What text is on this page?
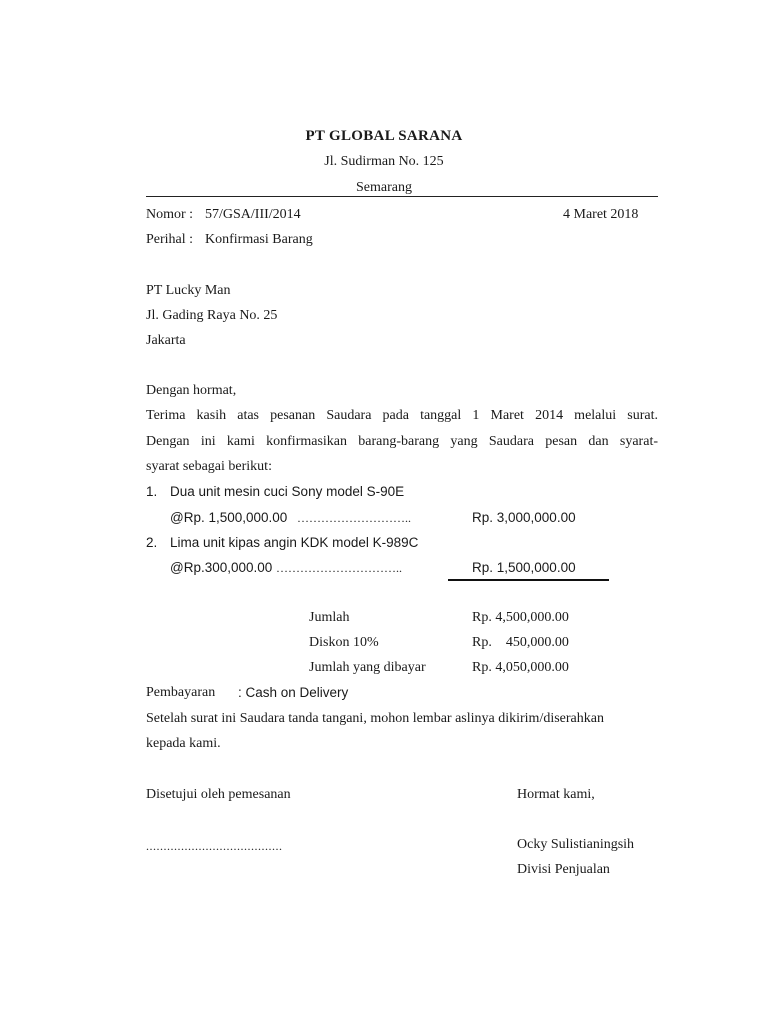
PT GLOBAL SARANA
Jl. Sudirman No. 125
Semarang
Nomor : 57/GSA/III/2014	4 Maret 2018
Perihal : Konfirmasi Barang
PT Lucky Man
Jl. Gading Raya No. 25
Jakarta
Dengan hormat,
Terima kasih atas pesanan Saudara pada tanggal 1 Maret 2014 melalui surat.
Dengan ini kami konfirmasikan barang-barang yang Saudara pesan dan syarat-
syarat sebagai berikut:
1. Dua unit mesin cuci Sony model S-90E
@Rp. 1,500,000.00 ………………………..	Rp. 3,000,000.00
2. Lima unit kipas angin KDK model K-989C
@Rp.300,000.00 …………………………..	Rp. 1,500,000.00
Jumlah	Rp. 4,500,000.00
Diskon 10%	Rp.    450,000.00
Jumlah yang dibayar	Rp. 4,050,000.00
Pembayaran : Cash on Delivery
Setelah surat ini Saudara tanda tangani, mohon lembar aslinya dikirim/diserahkan
kepada kami.
Disetujui oleh pemesanan
.......................................
Hormat kami,
Ocky Sulistianingsih
Divisi Penjualan
